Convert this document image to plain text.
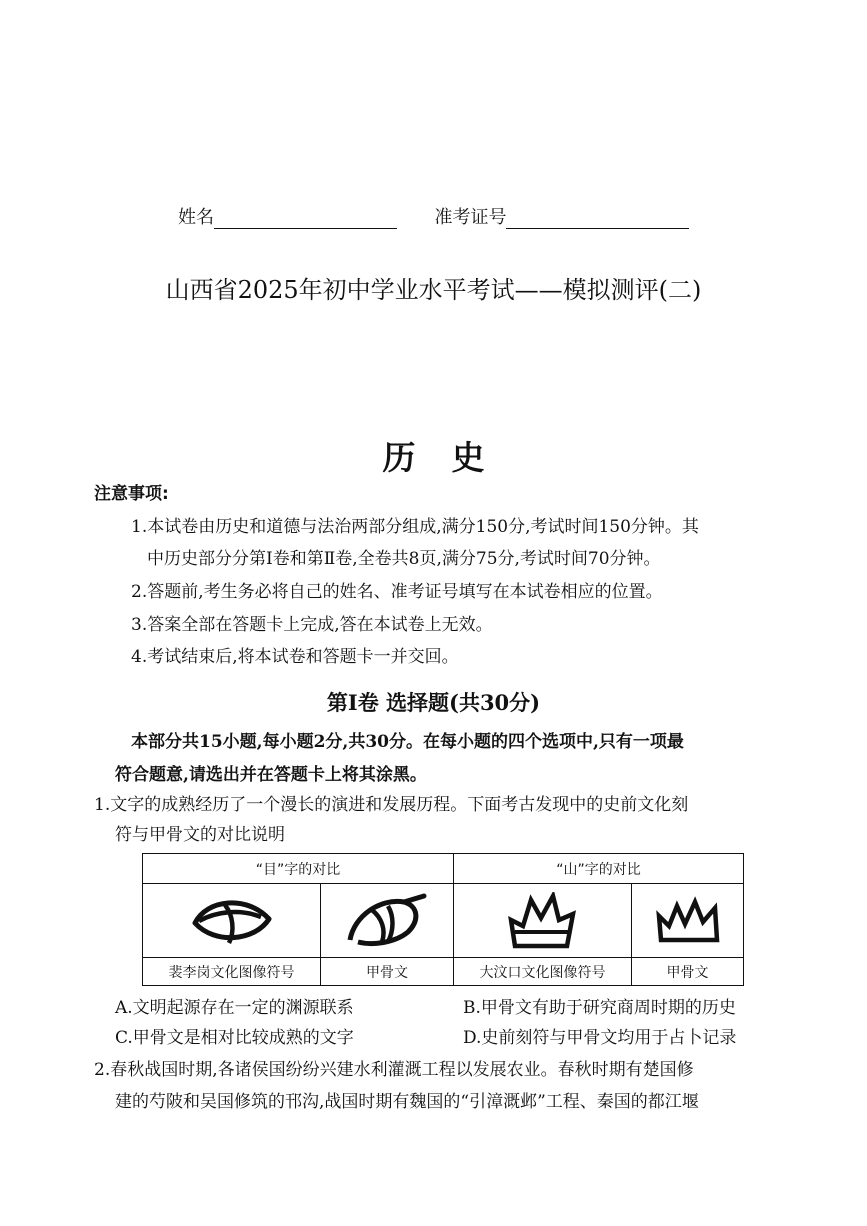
姓名	准考证号
山西省2025年初中学业水平考试——模拟测评(二)
历史
注意事项:
1.本试卷由历史和道德与法治两部分组成,满分150分,考试时间150分钟。其
中历史部分分第Ⅰ卷和第Ⅱ卷,全卷共8页,满分75分,考试时间70分钟。
2.答题前,考生务必将自己的姓名、准考证号填写在本试卷相应的位置。
3.答案全部在答题卡上完成,答在本试卷上无效。
4.考试结束后,将本试卷和答题卡一并交回。
第Ⅰ卷 选择题(共30分)
本部分共15小题,每小题2分,共30分。在每小题的四个选项中,只有一项最
符合题意,请选出并在答题卡上将其涂黑。
1.文字的成熟经历了一个漫长的演进和发展历程。下面考古发现中的史前文化刻
符与甲骨文的对比说明
“目”字的对比		“山”字的对比	

裴李岗文化图像符号	甲骨文	大汶口文化图像符号	甲骨文
A.文明起源存在一定的渊源联系	B.甲骨文有助于研究商周时期的历史
C.甲骨文是相对比较成熟的文字	D.史前刻符与甲骨文均用于占卜记录
2.春秋战国时期,各诸侯国纷纷兴建水利灌溉工程以发展农业。春秋时期有楚国修
建的芍陂和吴国修筑的邗沟,战国时期有魏国的“引漳溉邺”工程、秦国的都江堰
